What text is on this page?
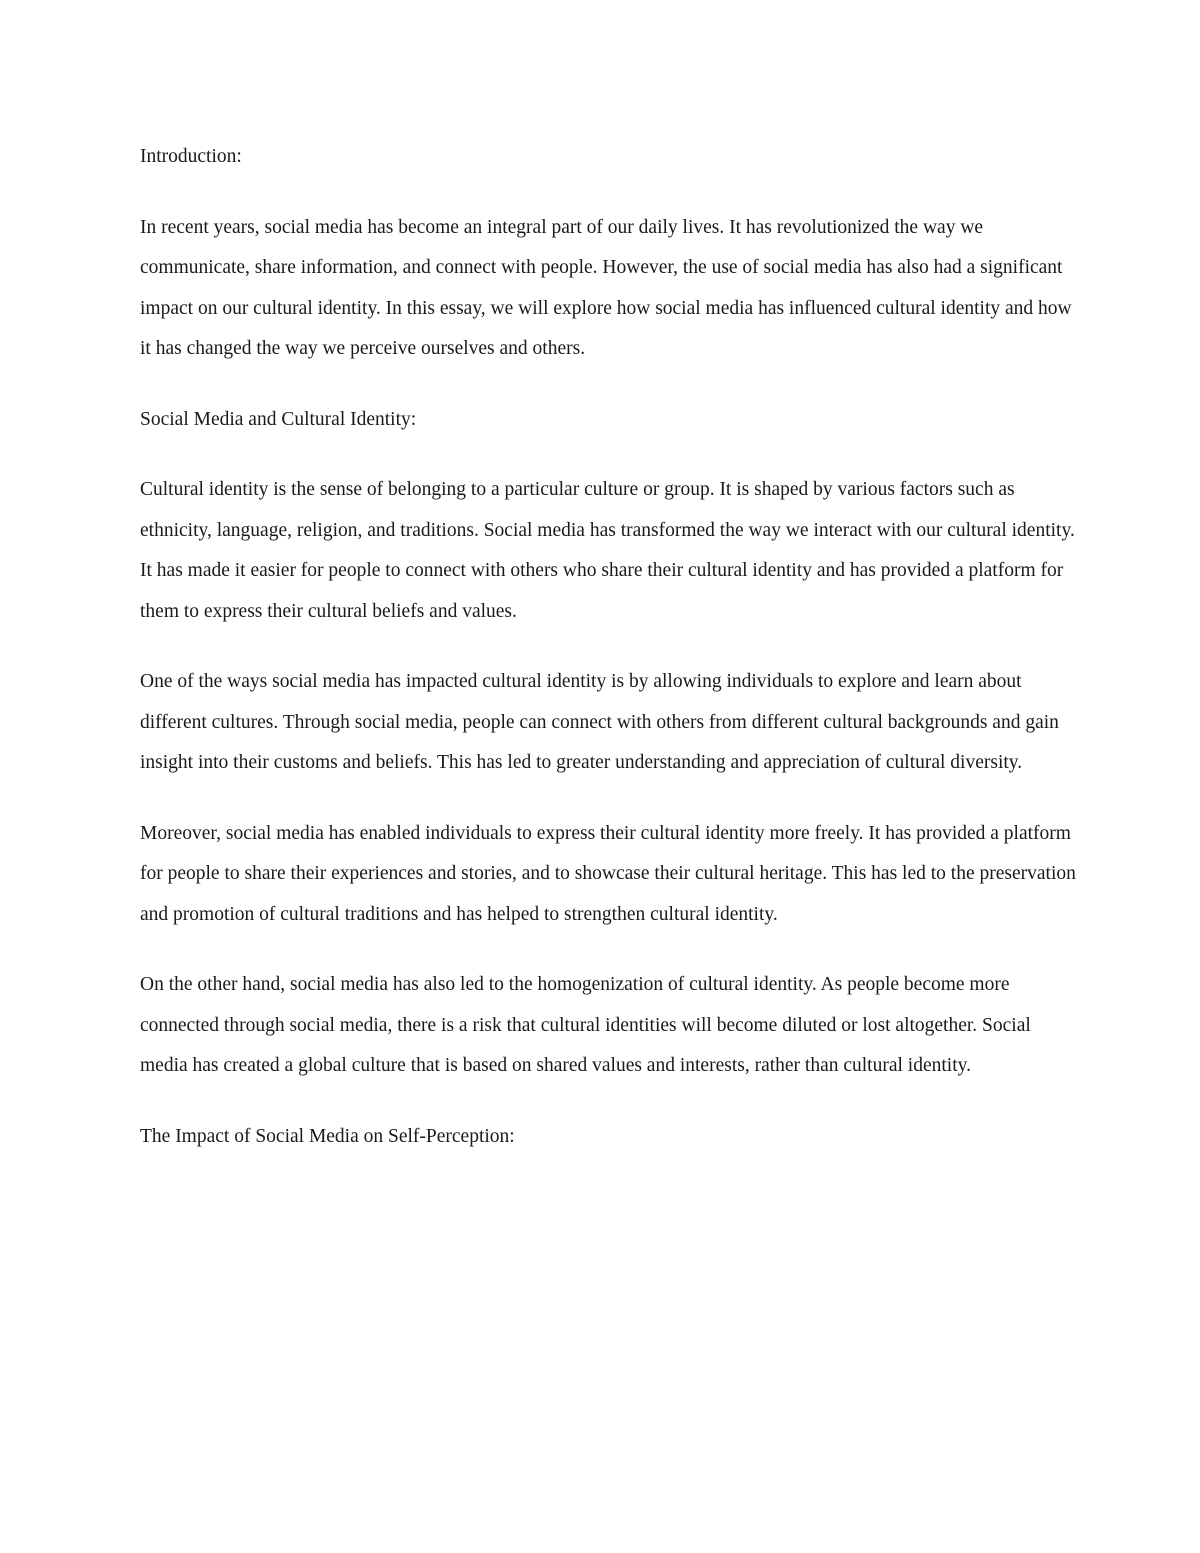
Introduction:

In recent years, social media has become an integral part of our daily lives. It has revolutionized the way we communicate, share information, and connect with people. However, the use of social media has also had a significant impact on our cultural identity. In this essay, we will explore how social media has influenced cultural identity and how it has changed the way we perceive ourselves and others.

Social Media and Cultural Identity:

Cultural identity is the sense of belonging to a particular culture or group. It is shaped by various factors such as ethnicity, language, religion, and traditions. Social media has transformed the way we interact with our cultural identity. It has made it easier for people to connect with others who share their cultural identity and has provided a platform for them to express their cultural beliefs and values.

One of the ways social media has impacted cultural identity is by allowing individuals to explore and learn about different cultures. Through social media, people can connect with others from different cultural backgrounds and gain insight into their customs and beliefs. This has led to greater understanding and appreciation of cultural diversity.

Moreover, social media has enabled individuals to express their cultural identity more freely. It has provided a platform for people to share their experiences and stories, and to showcase their cultural heritage. This has led to the preservation and promotion of cultural traditions and has helped to strengthen cultural identity.

On the other hand, social media has also led to the homogenization of cultural identity. As people become more connected through social media, there is a risk that cultural identities will become diluted or lost altogether. Social media has created a global culture that is based on shared values and interests, rather than cultural identity.

The Impact of Social Media on Self-Perception:
